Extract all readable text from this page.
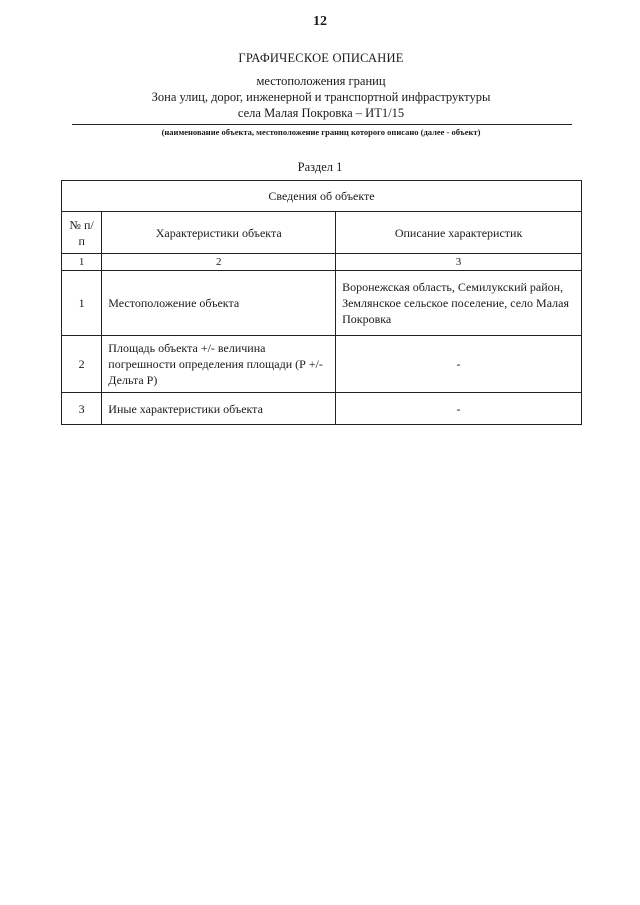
12
ГРАФИЧЕСКОЕ ОПИСАНИЕ
местоположения границ
Зона улиц, дорог, инженерной и транспортной инфраструктуры
села Малая Покровка – ИТ1/15
(наименование объекта, местоположение границ которого описано (далее - объект)
Раздел 1
Сведения об объекте		
№ п/п	Характеристики объекта	Описание характеристик
1	2	3
1	Местоположение объекта	Воронежская область, Семилукский район, Землянское сельское поселение, село Малая Покровка
2	Площадь объекта +/- величина погрешности определения площади (Р +/- Дельта Р)	-
3	Иные характеристики объекта	-
